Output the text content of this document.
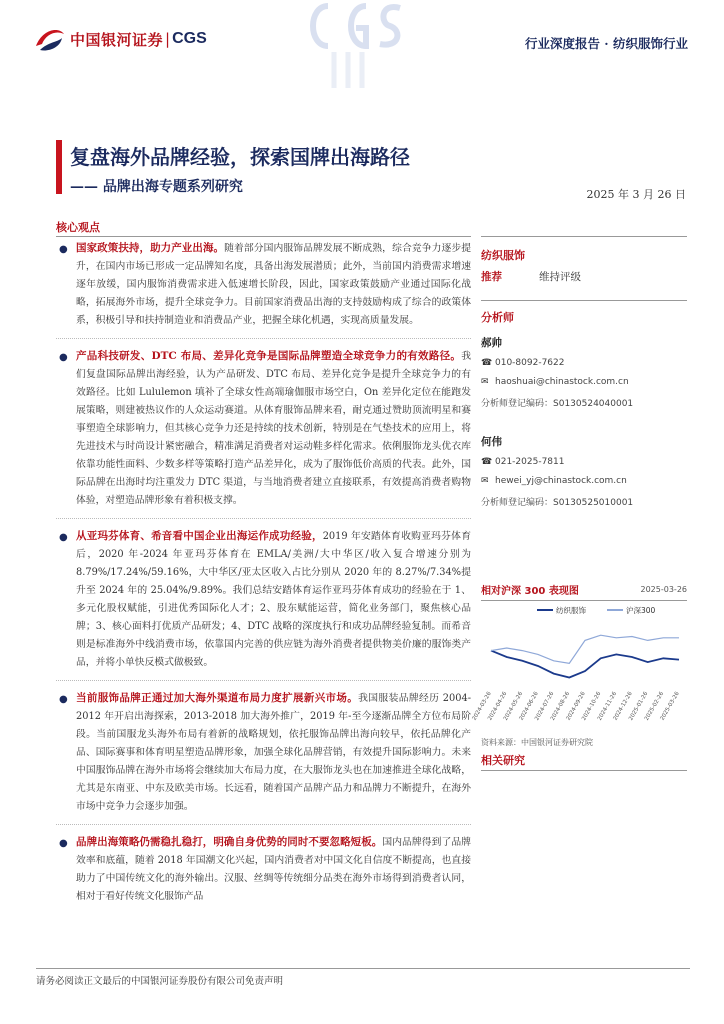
中国银河证券 | CGS	行业深度报告 · 纺织服饰行业
复盘海外品牌经验，探索国牌出海路径
—— 品牌出海专题系列研究	2025 年 3 月 26 日
核心观点
● 国家政策扶持，助力产业出海。随着部分国内服饰品牌发展不断成熟，综合竞争力逐步提升，在国内市场已形成一定品牌知名度，具备出海发展潜质；此外，当前国内消费需求增速逐年放缓，国内服饰消费需求进入低速增长阶段，因此，国家政策鼓励产业通过国际化战略，拓展海外市场，提升全球竞争力。目前国家消费品出海的支持鼓励构成了综合的政策体系，积极引导和扶持制造业和消费品产业，把握全球化机遇，实现高质量发展。
● 产品科技研发、DTC 布局、差异化竞争是国际品牌塑造全球竞争力的有效路径。我们复盘国际品牌出海经验，认为产品研发、DTC 布局、差异化竞争是提升全球竞争力的有效路径。比如 Lululemon 填补了全球女性高端瑜伽服市场空白，On 差异化定位在能跑发展策略，则建被热议作的人众运动赛道。从体育服饰品牌来看，耐克通过赞助顶流明星和赛事塑造全球影响力，但其核心竞争力还是持续的技术创新，特别是在气垫技术的应用上，将先进技术与时尚设计紧密融合，精准满足消费者对运动鞋多样化需求。依俐服饰龙头优衣库依靠功能性面料、少数多样等策略打造产品差异化，成为了服饰低价高质的代表。此外，国际品牌在出海时均注重发力 DTC 渠道，与当地消费者建立直接联系，有效提高消费者购物体验，对塑造品牌形象有着积极支撑。
● 从亚玛芬体育、希音看中国企业出海运作成功经验，2019 年安踏体育收购亚玛芬体育后，2020 年-2024 年亚玛芬体育在 EMLA/美洲/大中华区/收入复合增速分别为 8.79%/17.24%/59.16%，大中华区/亚太区收入占比分别从 2020 年的 8.27%/7.34%提升至 2024 年的 25.04%/9.89%。我们总结安踏体育运作亚玛芬体育成功的经验在于 1、多元化股权赋能，引进优秀国际化人才；2、股东赋能运营，简化业务部门，聚焦核心品牌；3、核心面料打优质产品研发；4、DTC 战略的深度执行和成功品牌经验复制。而希音则是标准海外中线消费市场，依靠国内完善的供应链为海外消费者提供物美价廉的服饰类产品，并将小单快反模式做极致。
● 当前服饰品牌正通过加大海外渠道布局力度扩展新兴市场。我国服装品牌经历 2004-2012 年开启出海探索，2013-2018 加大海外推广，2019 年-至今逐渐品牌全方位布局阶段。当前国服龙头海外布局有着新的战略规划，依托服饰品牌出海向较早，依托品牌化产品、国际赛事和体育明星塑造品牌形象，加强全球化品牌营销，有效提升国际影响力。未来中国服饰品牌在海外市场将会继续加大布局力度，在大服饰龙头也在加速推进全球化战略，尤其是东南亚、中东及欧美市场。长远看，随着国产品牌产品力和品牌力不断提升，在海外市场中竞争力会逐步加强。
● 品牌出海策略仍需稳扎稳打，明确自身优势的同时不要忽略短板。国内品牌得到了品牌效率和底蕴，随着 2018 年国潮文化兴起，国内消费者对中国文化自信度不断提高，也直接助力了中国传统文化的海外输出。汉服、丝绸等传统细分品类在海外市场得到消费者认同，相对于看好传统文化服饰产品
纺织服饰
推荐	维持评级
分析师
郝帅
☎ 010-8092-7622
✉ haoshuai@chinastock.com.cn
分析师登记编码：S0130524040001
何伟
☎ 021-2025-7811
✉ hewei_yj@chinastock.com.cn
分析师登记编码：S0130525010001
相对沪深 300 表现图	2025-03-26
纺织服饰	沪深300
2024-03-26
2024-04-26
2024-05-26
2024-06-26
2024-07-26
2024-08-26
2024-09-26
2024-10-26
2024-11-26
2024-12-26
2025-01-26
2025-02-26
2025-03-26
资料来源：中国银河证券研究院
相关研究
请务必阅读正文最后的中国银河证券股份有限公司免责声明
